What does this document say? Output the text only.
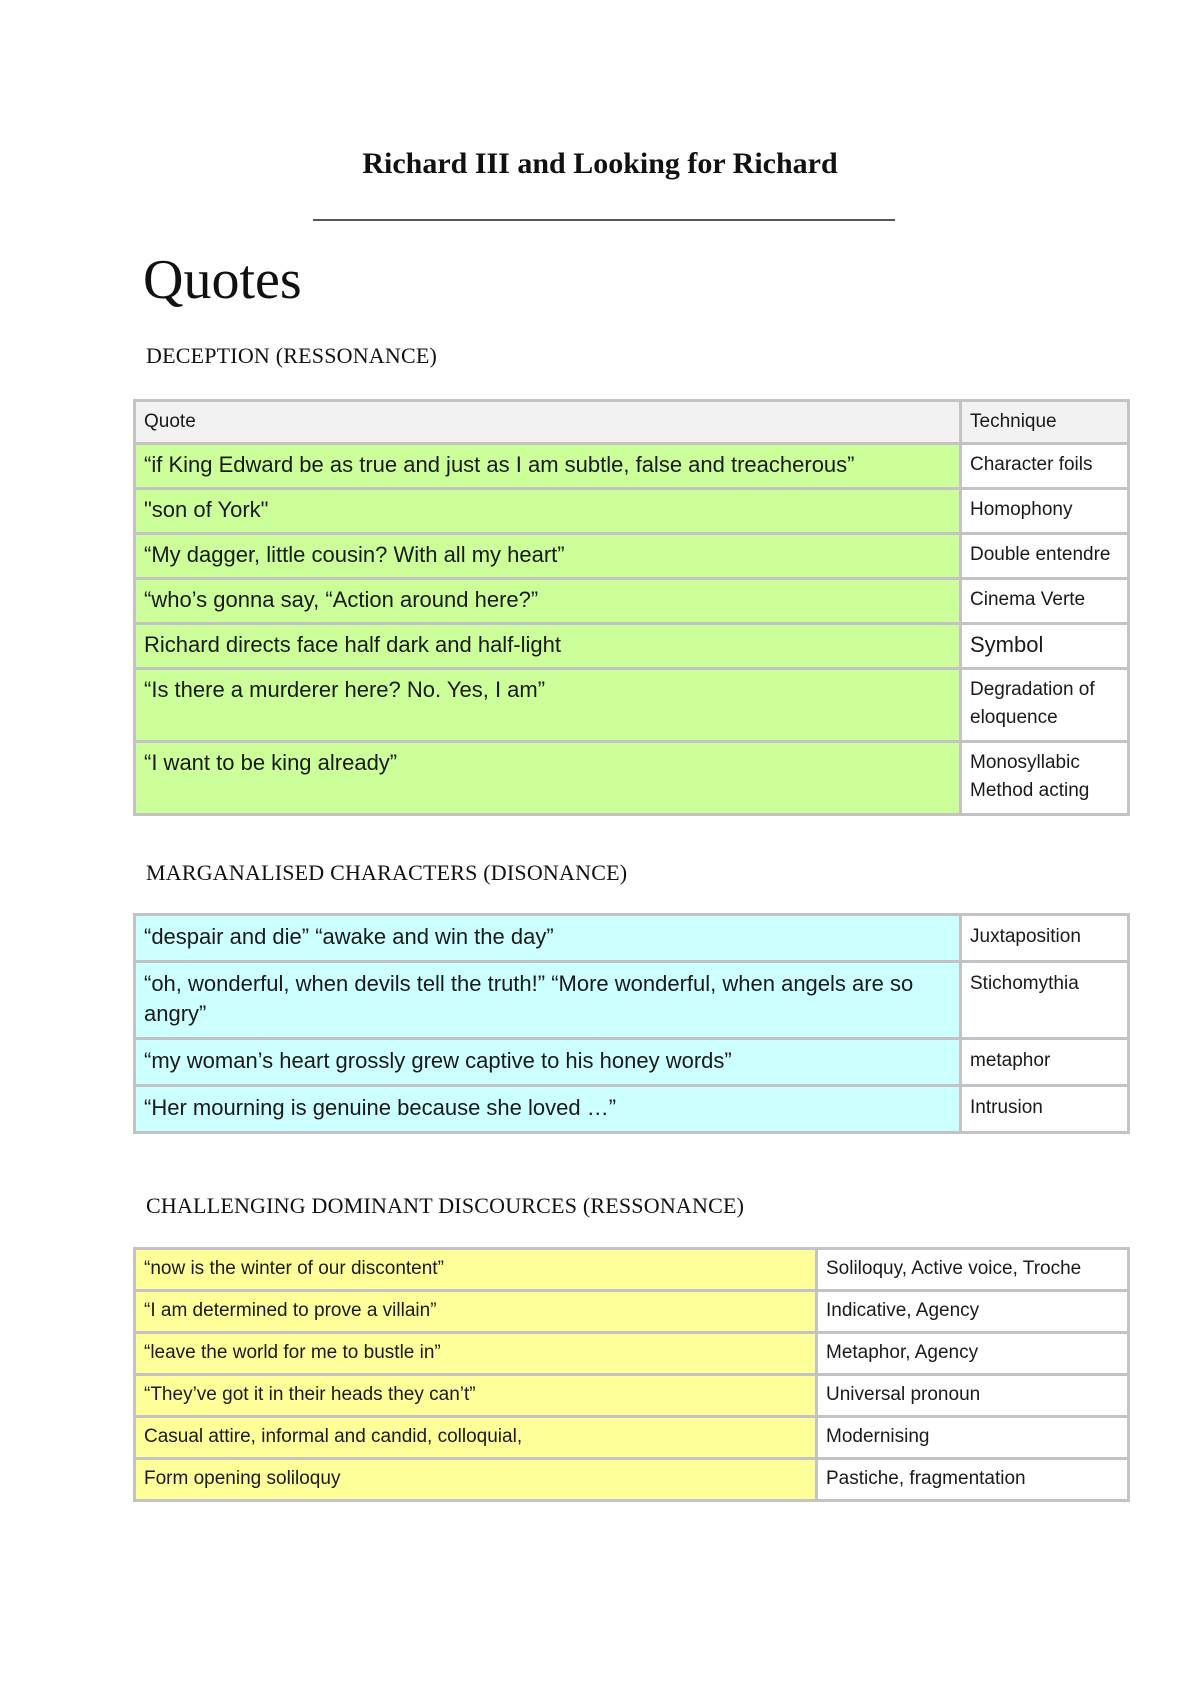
Richard III and Looking for Richard
Quotes
DECEPTION (RESSONANCE)
Quote	Technique
“if King Edward be as true and just as I am subtle, false and treacherous”	Character foils
"son of York"	Homophony
“My dagger, little cousin? With all my heart”	Double entendre
“who’s gonna say, “Action around here?”	Cinema Verte
Richard directs face half dark and half-light	Symbol
“Is there a murderer here? No. Yes, I am”	Degradation of eloquence
“I want to be king already”	Monosyllabic Method acting
MARGANALISED CHARACTERS (DISONANCE)
“despair and die” “awake and win the day”	Juxtaposition
“oh, wonderful, when devils tell the truth!” “More wonderful, when angels are so angry”	Stichomythia
“my woman’s heart grossly grew captive to his honey words”	metaphor
“Her mourning is genuine because she loved …”	Intrusion
CHALLENGING DOMINANT DISCOURCES (RESSONANCE)
“now is the winter of our discontent”	Soliloquy, Active voice, Troche
“I am determined to prove a villain”	Indicative, Agency
“leave the world for me to bustle in”	Metaphor, Agency
“They’ve got it in their heads they can’t”	Universal pronoun
Casual attire, informal and candid, colloquial,	Modernising
Form opening soliloquy	Pastiche, fragmentation
